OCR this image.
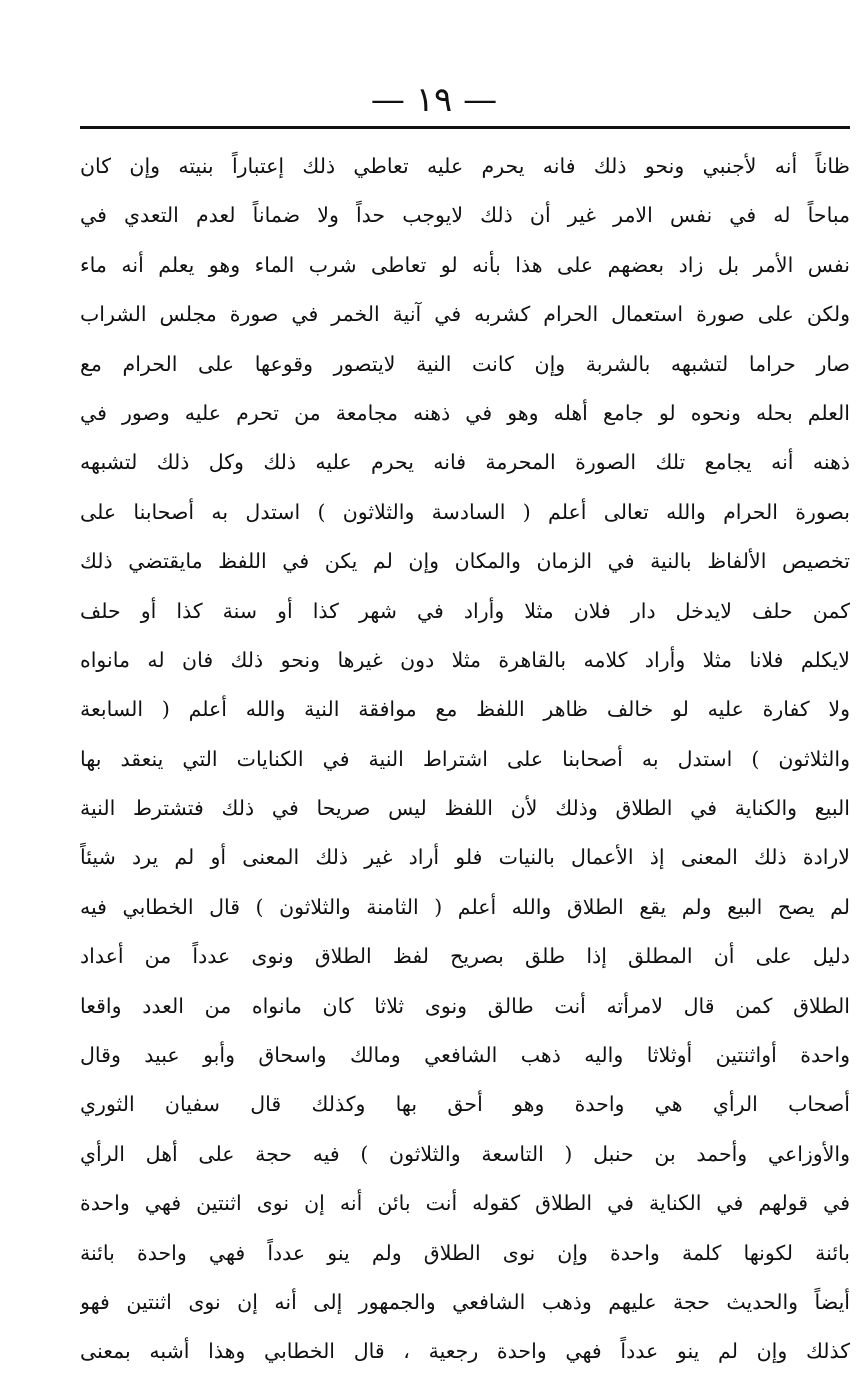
— ١٩ —
ظاناً أنه لأجنبي ونحو ذلك فانه يحرم عليه تعاطي ذلك إعتباراً بنيته وإن كان
مباحاً له في نفس الامر غير أن ذلك لايوجب حداً ولا ضماناً لعدم التعدي في
نفس الأمر بل زاد بعضهم على هذا بأنه لو تعاطى شرب الماء وهو يعلم أنه ماء
ولكن على صورة استعمال الحرام كشربه في آنية الخمر في صورة مجلس الشراب
صار حراما لتشبهه بالشربة وإن كانت النية لايتصور وقوعها على الحرام مع
العلم بحله ونحوه لو جامع أهله وهو في ذهنه مجامعة من تحرم عليه وصور في
ذهنه أنه يجامع تلك الصورة المحرمة فانه يحرم عليه ذلك وكل ذلك لتشبهه
بصورة الحرام والله تعالى أعلم ( السادسة والثلاثون ) استدل به أصحابنا على
تخصيص الألفاظ بالنية في الزمان والمكان وإن لم يكن في اللفظ مايقتضي ذلك
كمن حلف لايدخل دار فلان مثلا وأراد في شهر كذا أو سنة كذا أو حلف
لايكلم فلانا مثلا وأراد كلامه بالقاهرة مثلا دون غيرها ونحو ذلك فان له مانواه
ولا كفارة عليه لو خالف ظاهر اللفظ مع موافقة النية والله أعلم ( السابعة
والثلاثون ) استدل به أصحابنا على اشتراط النية في الكنايات التي ينعقد بها
البيع والكناية في الطلاق وذلك لأن اللفظ ليس صريحا في ذلك فتشترط النية
لارادة ذلك المعنى إذ الأعمال بالنيات فلو أراد غير ذلك المعنى أو لم يرد شيئاً
لم يصح البيع ولم يقع الطلاق والله أعلم ( الثامنة والثلاثون ) قال الخطابي فيه
دليل على أن المطلق إذا طلق بصريح لفظ الطلاق ونوى عدداً من أعداد
الطلاق كمن قال لامرأته أنت طالق ونوى ثلاثا كان مانواه من العدد واقعا
واحدة أواثنتين أوثلاثا واليه ذهب الشافعي ومالك واسحاق وأبو عبيد وقال
أصحاب الرأي هي واحدة وهو أحق بها وكذلك قال سفيان الثوري
والأوزاعي وأحمد بن حنبل ( التاسعة والثلاثون ) فيه حجة على أهل الرأي
في قولهم في الكناية في الطلاق كقوله أنت بائن أنه إن نوى اثنتين فهي واحدة
بائنة لكونها كلمة واحدة وإن نوى الطلاق ولم ينو عدداً فهي واحدة بائنة
أيضاً والحديث حجة عليهم وذهب الشافعي والجمهور إلى أنه إن نوى اثنتين فهو
كذلك وإن لم ينو عدداً فهي واحدة رجعية ، قال الخطابي وهذا أشبه بمعنى
